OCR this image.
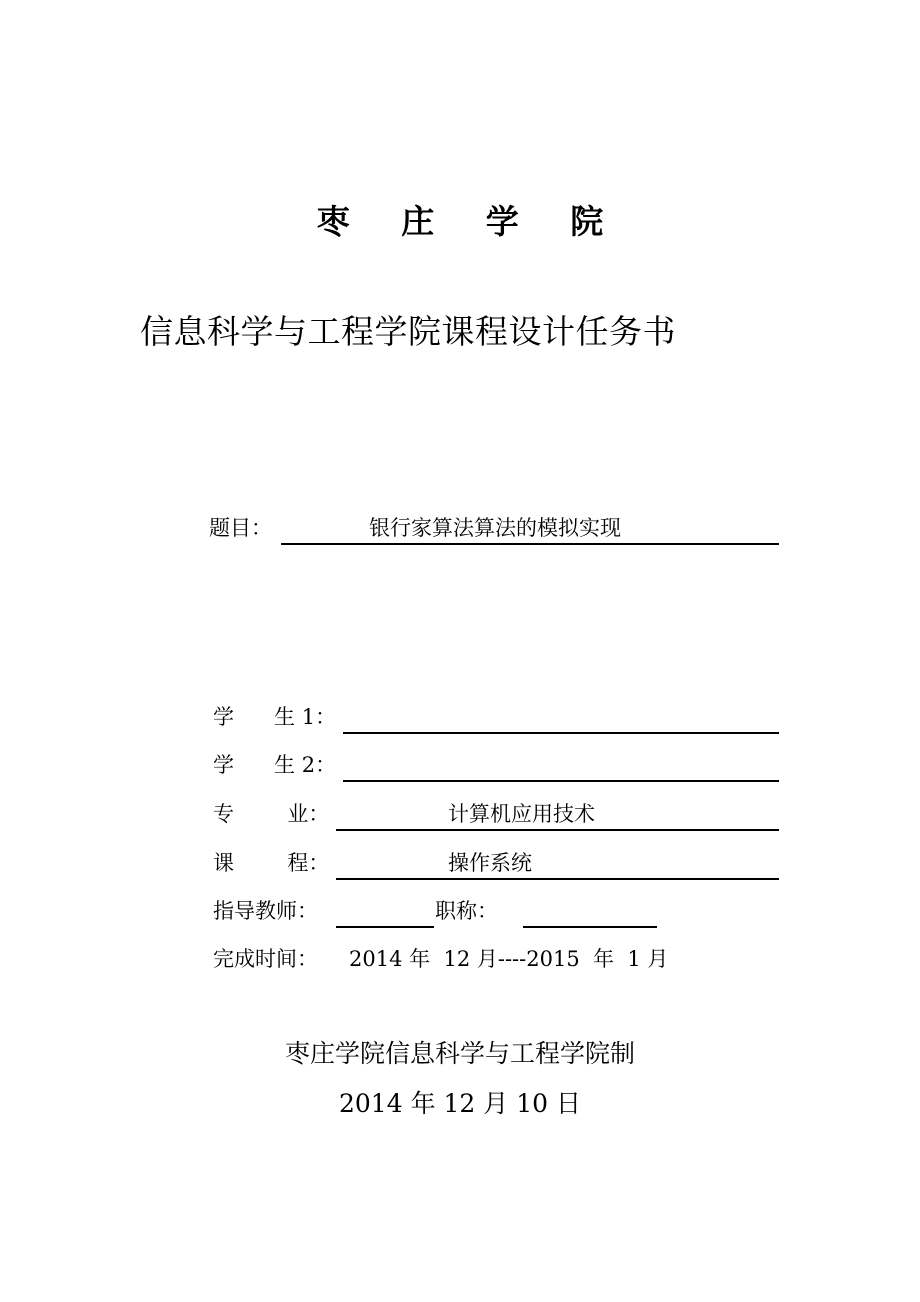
枣 庄 学 院
信息科学与工程学院课程设计任务书
题目：	银行家算法算法的模拟实现
学      生 1：
学      生 2：
专        业：	计算机应用技术
课        程：	操作系统
指导教师：	职称：
完成时间： 2014 年  12 月----2015  年  1 月
枣庄学院信息科学与工程学院制
2014 年 12 月 10 日
